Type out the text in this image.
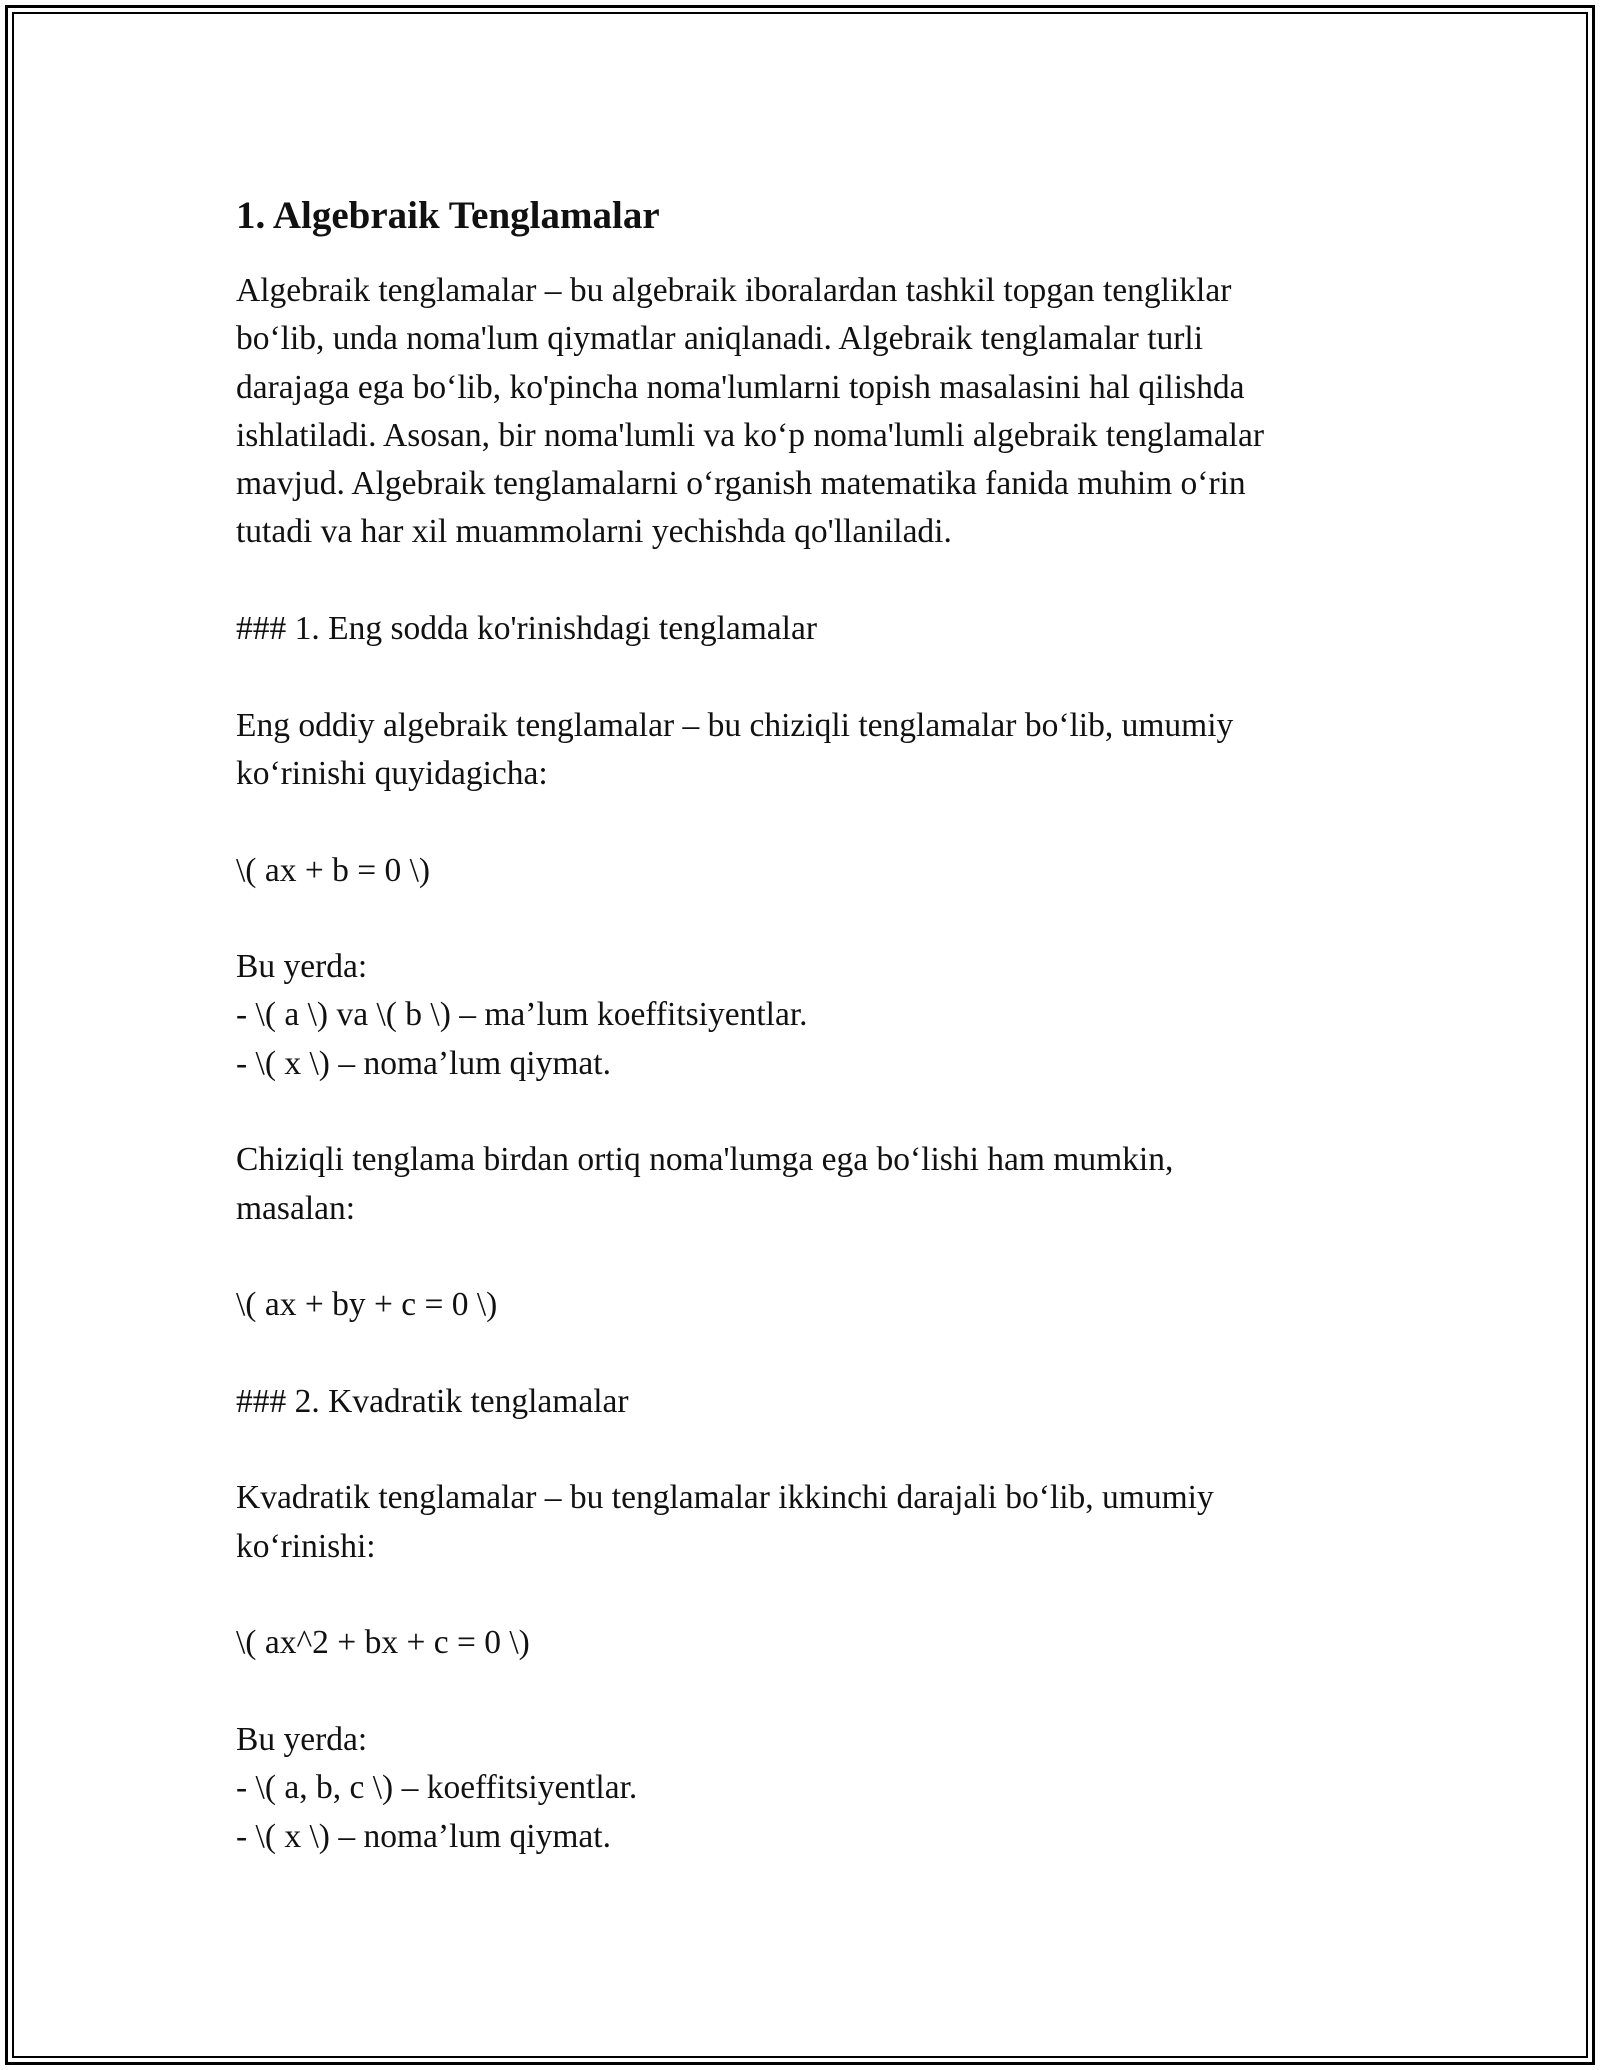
1. Algebraik Tenglamalar

Algebraik tenglamalar – bu algebraik iboralardan tashkil topgan tengliklar
bo‘lib, unda noma'lum qiymatlar aniqlanadi. Algebraik tenglamalar turli
darajaga ega bo‘lib, ko'pincha noma'lumlarni topish masalasini hal qilishda
ishlatiladi. Asosan, bir noma'lumli va ko‘p noma'lumli algebraik tenglamalar
mavjud. Algebraik tenglamalarni o‘rganish matematika fanida muhim o‘rin
tutadi va har xil muammolarni yechishda qo'llaniladi.

### 1. Eng sodda ko'rinishdagi tenglamalar

Eng oddiy algebraik tenglamalar – bu chiziqli tenglamalar bo‘lib, umumiy
ko‘rinishi quyidagicha:

\( ax + b = 0 \)

Bu yerda:
- \( a \) va \( b \) – ma’lum koeffitsiyentlar.
- \( x \) – noma’lum qiymat.

Chiziqli tenglama birdan ortiq noma'lumga ega bo‘lishi ham mumkin,
masalan:

\( ax + by + c = 0 \)

### 2. Kvadratik tenglamalar

Kvadratik tenglamalar – bu tenglamalar ikkinchi darajali bo‘lib, umumiy
ko‘rinishi:

\( ax^2 + bx + c = 0 \)

Bu yerda:
- \( a, b, c \) – koeffitsiyentlar.
- \( x \) – noma’lum qiymat.
